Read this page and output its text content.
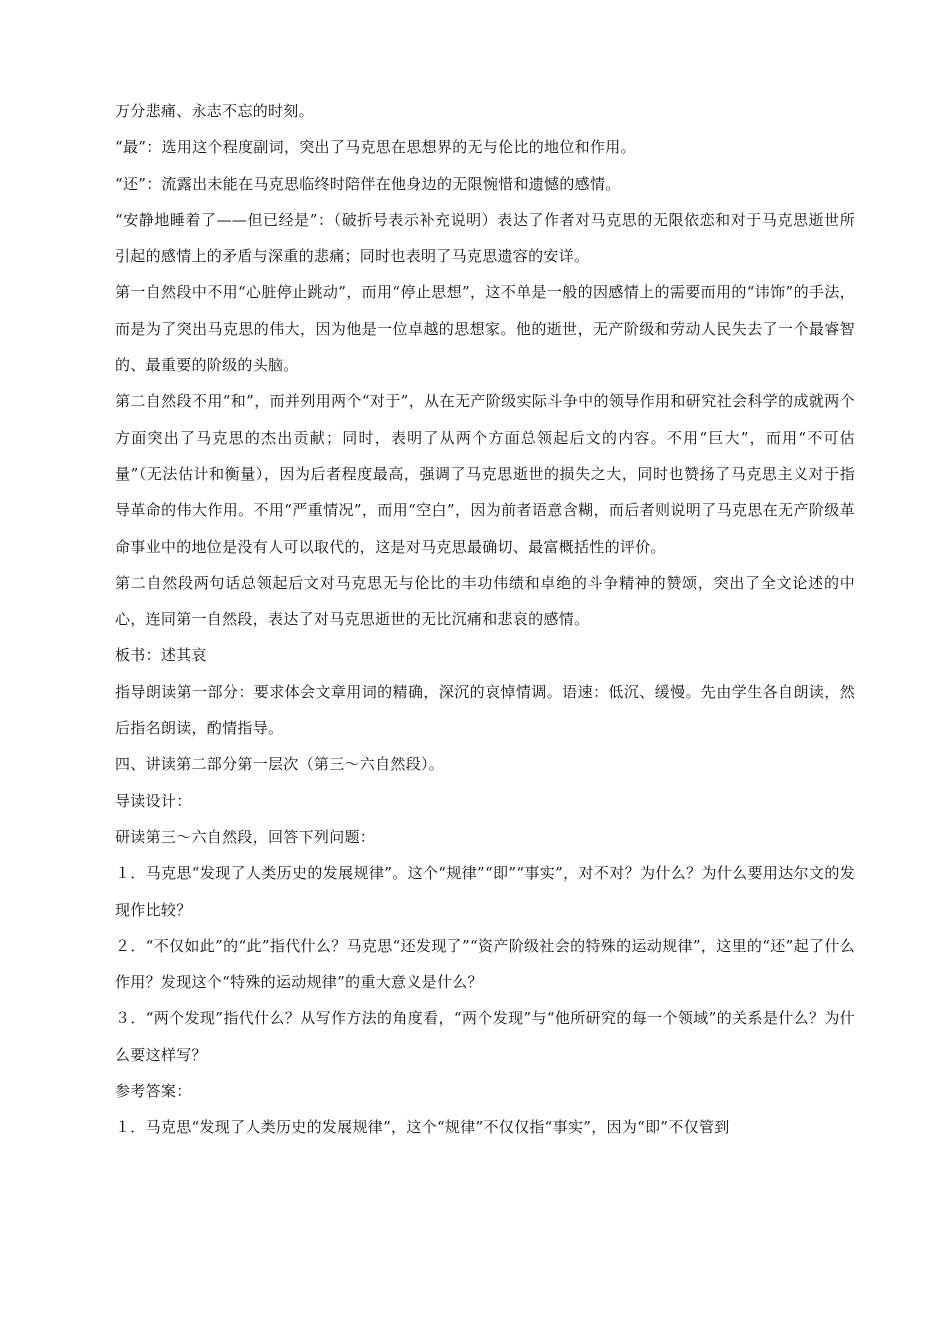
万分悲痛、永志不忘的时刻。

“最”：选用这个程度副词，突出了马克思在思想界的无与伦比的地位和作用。

“还”：流露出未能在马克思临终时陪伴在他身边的无限惋惜和遗憾的感情。

“安静地睡着了——但已经是”：（破折号表示补充说明）表达了作者对马克思的无限依恋和对于马克思逝世所引起的感情上的矛盾与深重的悲痛；同时也表明了马克思遗容的安详。

第一自然段中不用“心脏停止跳动”，而用“停止思想”，这不单是一般的因感情上的需要而用的“讳饰”的手法，而是为了突出马克思的伟大，因为他是一位卓越的思想家。他的逝世，无产阶级和劳动人民失去了一个最睿智的、最重要的阶级的头脑。

第二自然段不用“和”，而并列用两个“对于”，从在无产阶级实际斗争中的领导作用和研究社会科学的成就两个方面突出了马克思的杰出贡献；同时，表明了从两个方面总领起后文的内容。不用“巨大”，而用“不可估量”（无法估计和衡量），因为后者程度最高，强调了马克思逝世的损失之大，同时也赞扬了马克思主义对于指导革命的伟大作用。不用“严重情况”，而用“空白”，因为前者语意含糊，而后者则说明了马克思在无产阶级革命事业中的地位是没有人可以取代的，这是对马克思最确切、最富概括性的评价。

第二自然段两句话总领起后文对马克思无与伦比的丰功伟绩和卓绝的斗争精神的赞颂，突出了全文论述的中心，连同第一自然段，表达了对马克思逝世的无比沉痛和悲哀的感情。

板书：述其哀

指导朗读第一部分：要求体会文章用词的精确，深沉的哀悼情调。语速：低沉、缓慢。先由学生各自朗读，然后指名朗读，酌情指导。

四、讲读第二部分第一层次（第三～六自然段）。

导读设计：

研读第三～六自然段，回答下列问题：

１．马克思“发现了人类历史的发展规律”。这个“规律”“即”“事实”，对不对？为什么？为什么要用达尔文的发现作比较？

２．“不仅如此”的“此”指代什么？马克思“还发现了”“资产阶级社会的特殊的运动规律”，这里的“还”起了什么作用？发现这个“特殊的运动规律”的重大意义是什么？

３．“两个发现”指代什么？从写作方法的角度看，“两个发现”与“他所研究的每一个领域”的关系是什么？为什么要这样写？

参考答案：

１．马克思“发现了人类历史的发展规律”，这个“规律”不仅仅指“事实”，因为“即”不仅管到
